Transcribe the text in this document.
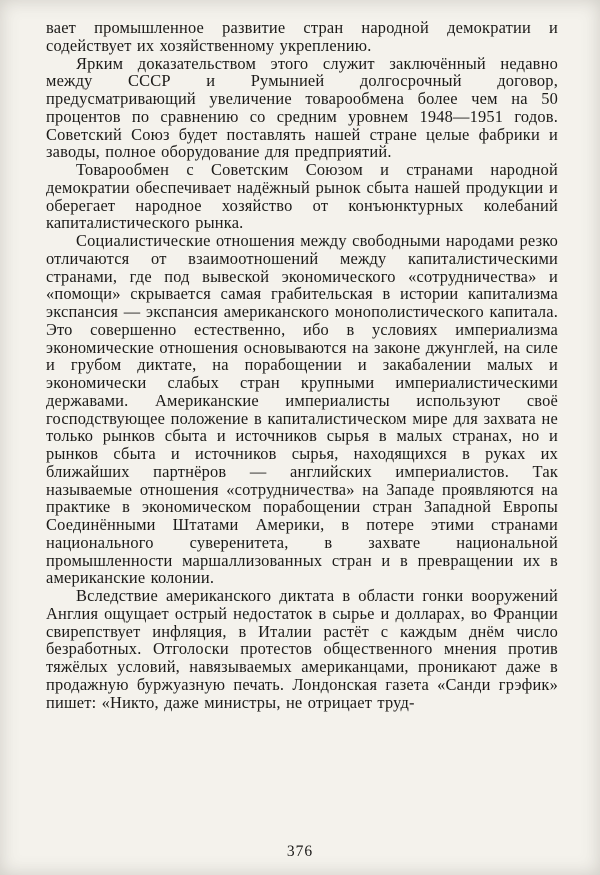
вает промышленное развитие стран народной демократии и содействует их хозяйственному укреплению.

Ярким доказательством этого служит заключённый недавно между СССР и Румынией долгосрочный договор, предусматривающий увеличение товарообмена более чем на 50 процентов по сравнению со средним уровнем 1948—1951 годов. Советский Союз будет поставлять нашей стране целые фабрики и заводы, полное оборудование для предприятий.

Товарообмен с Советским Союзом и странами народной демократии обеспечивает надёжный рынок сбыта нашей продукции и оберегает народное хозяйство от конъюнктурных колебаний капиталистического рынка.

Социалистические отношения между свободными народами резко отличаются от взаимоотношений между капиталистическими странами, где под вывеской экономического «сотрудничества» и «помощи» скрывается самая грабительская в истории капитализма экспансия — экспансия американского монополистического капитала. Это совершенно естественно, ибо в условиях империализма экономические отношения основываются на законе джунглей, на силе и грубом диктате, на порабощении и закабалении малых и экономически слабых стран крупными империалистическими державами. Американские империалисты используют своё господствующее положение в капиталистическом мире для захвата не только рынков сбыта и источников сырья в малых странах, но и рынков сбыта и источников сырья, находящихся в руках их ближайших партнёров — английских империалистов. Так называемые отношения «сотрудничества» на Западе проявляются на практике в экономическом порабощении стран Западной Европы Соединёнными Штатами Америки, в потере этими странами национального суверенитета, в захвате национальной промышленности маршаллизованных стран и в превращении их в американские колонии.

Вследствие американского диктата в области гонки вооружений Англия ощущает острый недостаток в сырье и долларах, во Франции свирепствует инфляция, в Италии растёт с каждым днём число безработных. Отголоски протестов общественного мнения против тяжёлых условий, навязываемых американцами, проникают даже в продажную буржуазную печать. Лондонская газета «Санди грэфик» пишет: «Никто, даже министры, не отрицает труд-

376
